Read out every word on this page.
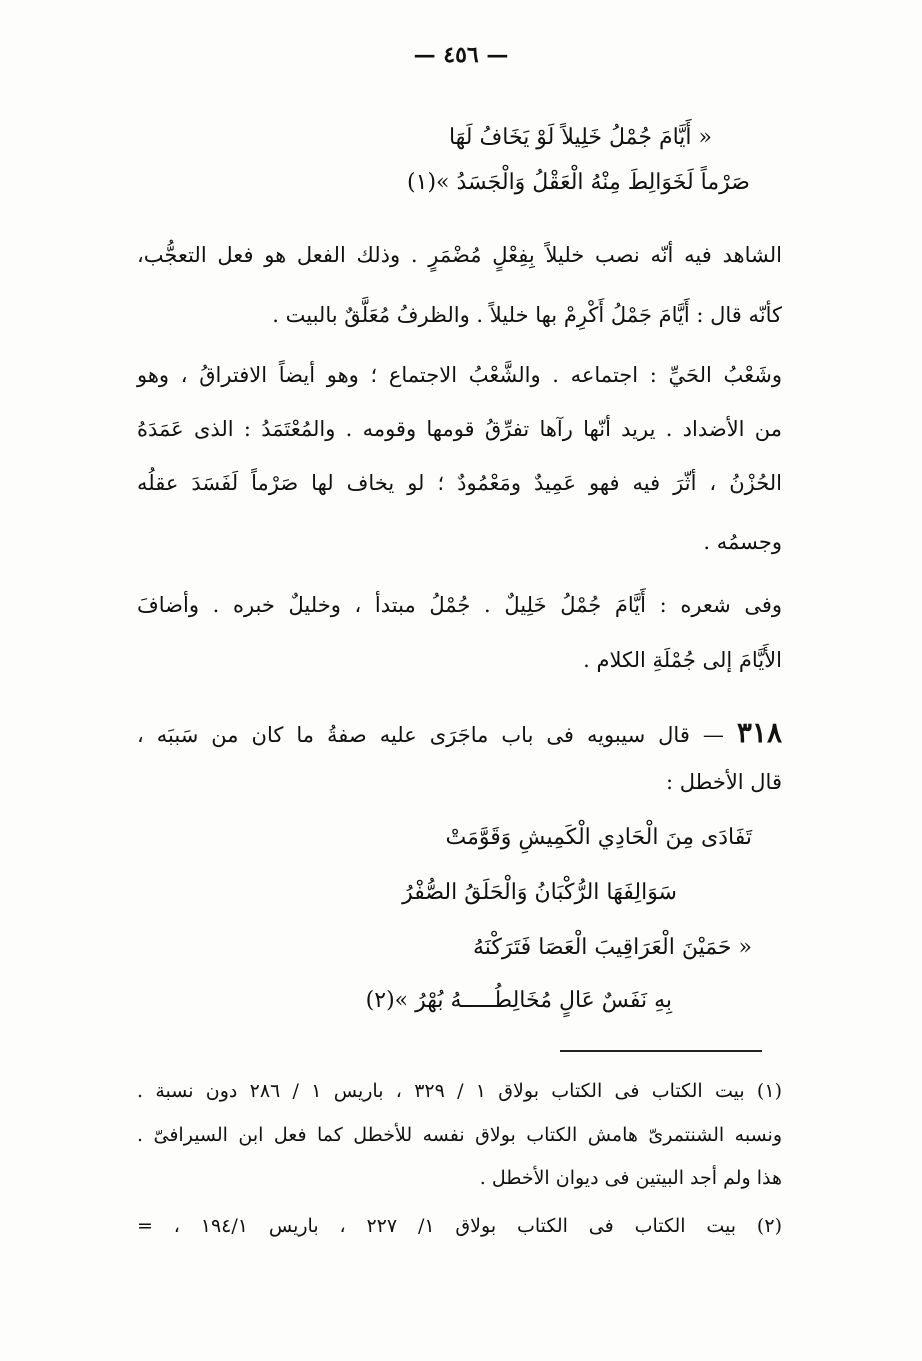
— ٤٥٦ —
« أَيَّامَ جُمْلُ خَلِيلاً لَوْ يَخَافُ لَهَا
صَرْماً لَخَوَالِطَ مِنْهُ الْعَقْلُ وَالْجَسَدُ »(١)
الشاهد فيه أنّه نصب خليلاً بِفِعْلٍ مُضْمَرٍ . وذلك الفعل هو فعل التعجُّب،
كأنّه قال : أَيَّامَ جَمْلُ أَكْرِمْ بها خليلاً . والظرفُ مُعَلَّقٌ بالبيت .
وشَعْبُ الحَيِّ : اجتماعه . والشَّعْبُ الاجتماع ؛ وهو أيضاً الافتراقُ ، وهو
من الأضداد . يريد أنّها رآها تفرِّقُ قومها وقومه . والمُعْتَمَدُ : الذى عَمَدَهُ
الحُزْنُ ، أثّرَ فيه فهو عَمِيدٌ ومَعْمُودٌ ؛ لو يخاف لها صَرْماً لَفَسَدَ عقلُه
وجسمُه .
وفى شعره : أَيَّامَ جُمْلُ خَلِيلٌ . جُمْلُ مبتدأ ، وخليلٌ خبره . وأضافَ
الأَيَّامَ إلى جُمْلَةِ الكلام .
٣١٨ — قال سيبويه فى باب ماجَرَى عليه صفةُ ما كان من سَببَه ،
قال الأخطل :
تَفَادَى مِنَ الْحَادِي الْكَمِيشِ وَقَوَّمَتْ
سَوَالِفَهَا الرُّكْبَانُ وَالْحَلَقُ الصُّفْرُ
« حَمَيْنَ الْعَرَاقِيبَ الْعَصَا فَتَرَكْنَهُ
بِهِ نَفَسٌ عَالٍ مُخَالِطُـــــهُ بُهْرُ »(٢)
(١) بيت الكتاب فى الكتاب بولاق ١ / ٣٢٩ ، باريس ١ / ٢٨٦ دون نسبة .
ونسبه الشنتمرىّ هامش الكتاب بولاق نفسه للأخطل كما فعل ابن السيرافىّ .
هذا ولم أجد البيتين فى ديوان الأخطل .
(٢) بيت الكتاب فى الكتاب بولاق ١/ ٢٢٧ ، باريس ١٩٤/١ ، =
